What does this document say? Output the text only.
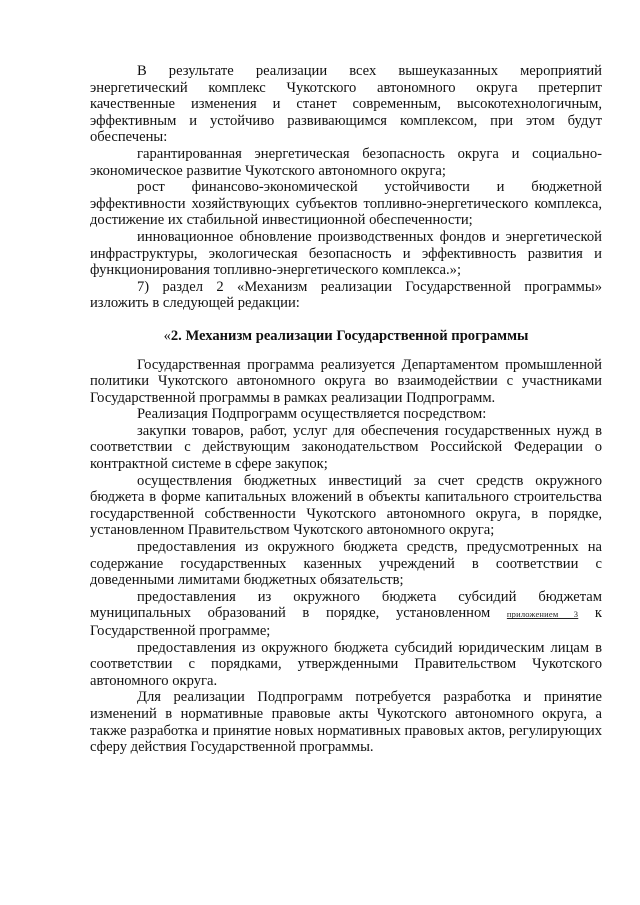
В результате реализации всех вышеуказанных мероприятий энергетический комплекс Чукотского автономного округа претерпит качественные изменения и станет современным, высокотехнологичным, эффективным и устойчиво развивающимся комплексом, при этом будут обеспечены:

гарантированная энергетическая безопасность округа и социально-экономическое развитие Чукотского автономного округа;

рост финансово-экономической устойчивости и бюджетной эффективности хозяйствующих субъектов топливно-энергетического комплекса, достижение их стабильной инвестиционной обеспеченности;

инновационное обновление производственных фондов и энергетической инфраструктуры, экологическая безопасность и эффективность развития и функционирования топливно-энергетического комплекса.»;

7) раздел 2 «Механизм реализации Государственной программы» изложить в следующей редакции:

«2. Механизм реализации Государственной программы

Государственная программа реализуется Департаментом промышленной политики Чукотского автономного округа во взаимодействии с участниками Государственной программы в рамках реализации Подпрограмм.

Реализация Подпрограмм осуществляется посредством:

закупки товаров, работ, услуг для обеспечения государственных нужд в соответствии с действующим законодательством Российской Федерации о контрактной системе в сфере закупок;

осуществления бюджетных инвестиций за счет средств окружного бюджета в форме капитальных вложений в объекты капитального строительства государственной собственности Чукотского автономного округа, в порядке, установленном Правительством Чукотского автономного округа;

предоставления из окружного бюджета средств, предусмотренных на содержание государственных казенных учреждений в соответствии с доведенными лимитами бюджетных обязательств;

предоставления из окружного бюджета субсидий бюджетам муниципальных образований в порядке, установленном приложением 3 к Государственной программе;

предоставления из окружного бюджета субсидий юридическим лицам в соответствии с порядками, утвержденными Правительством Чукотского автономного округа.

Для реализации Подпрограмм потребуется разработка и принятие изменений в нормативные правовые акты Чукотского автономного округа, а также разработка и принятие новых нормативных правовых актов, регулирующих сферу действия Государственной программы.
